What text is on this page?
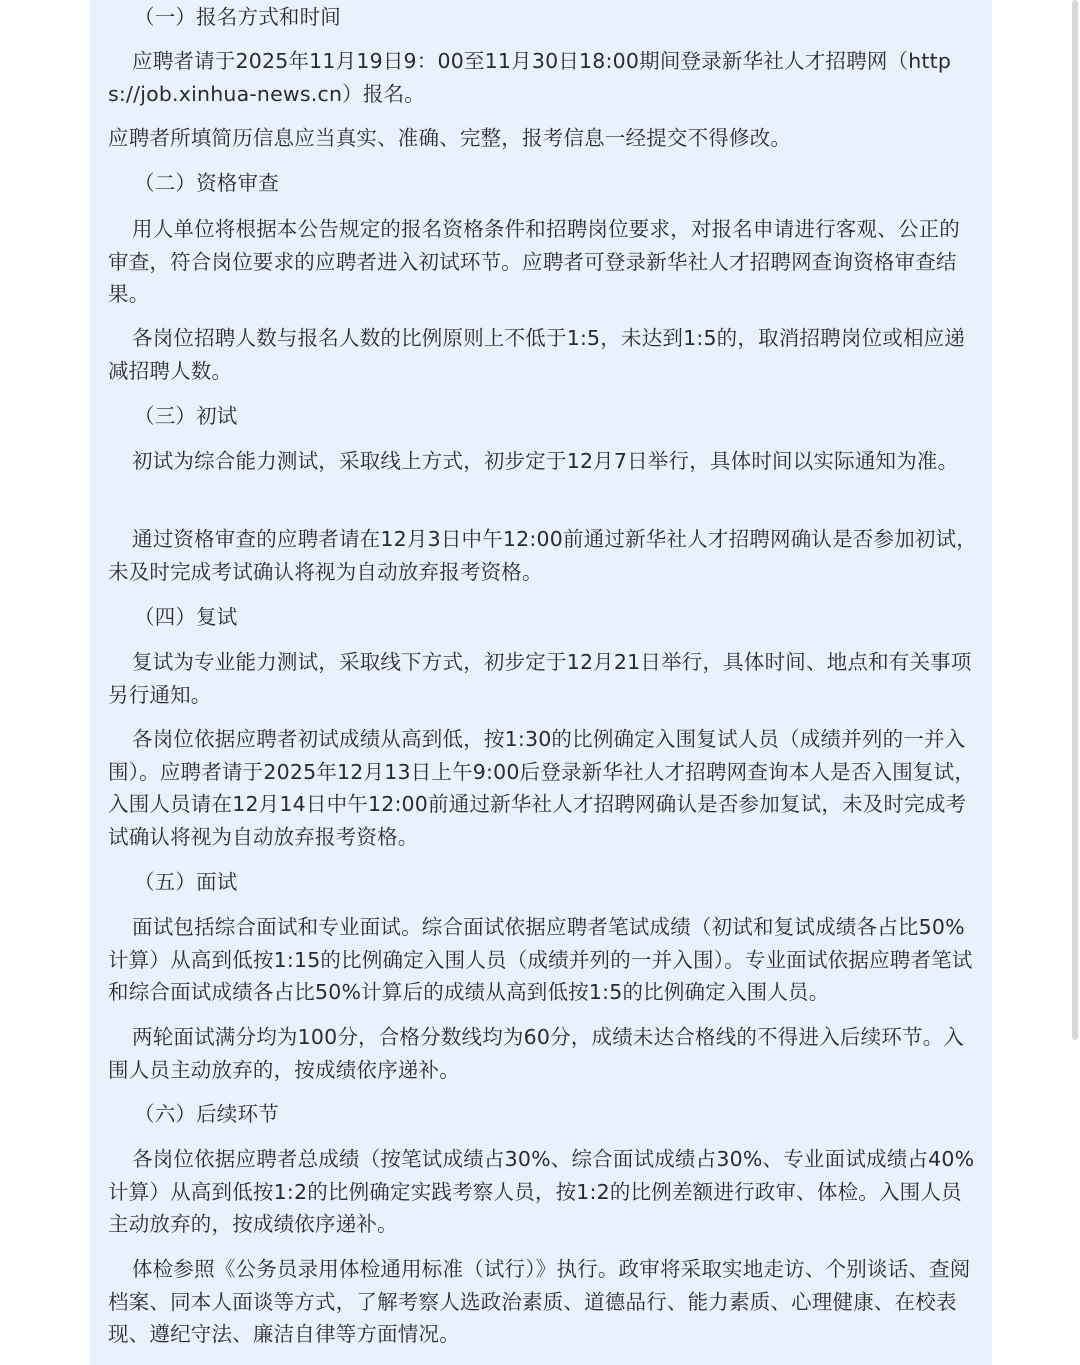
（一）报名方式和时间

应聘者请于2025年11月19日9：00至11月30日18:00期间登录新华社人才招聘网（https://job.xinhua-news.cn）报名。

应聘者所填简历信息应当真实、准确、完整，报考信息一经提交不得修改。

（二）资格审查

用人单位将根据本公告规定的报名资格条件和招聘岗位要求，对报名申请进行客观、公正的审查，符合岗位要求的应聘者进入初试环节。应聘者可登录新华社人才招聘网查询资格审查结果。

各岗位招聘人数与报名人数的比例原则上不低于1:5，未达到1:5的，取消招聘岗位或相应递减招聘人数。

（三）初试

初试为综合能力测试，采取线上方式，初步定于12月7日举行，具体时间以实际通知为准。

通过资格审查的应聘者请在12月3日中午12:00前通过新华社人才招聘网确认是否参加初试，未及时完成考试确认将视为自动放弃报考资格。

（四）复试

复试为专业能力测试，采取线下方式，初步定于12月21日举行，具体时间、地点和有关事项另行通知。

各岗位依据应聘者初试成绩从高到低，按1:30的比例确定入围复试人员（成绩并列的一并入围）。应聘者请于2025年12月13日上午9:00后登录新华社人才招聘网查询本人是否入围复试，入围人员请在12月14日中午12:00前通过新华社人才招聘网确认是否参加复试，未及时完成考试确认将视为自动放弃报考资格。

（五）面试

面试包括综合面试和专业面试。综合面试依据应聘者笔试成绩（初试和复试成绩各占比50%计算）从高到低按1:15的比例确定入围人员（成绩并列的一并入围）。专业面试依据应聘者笔试和综合面试成绩各占比50%计算后的成绩从高到低按1:5的比例确定入围人员。

两轮面试满分均为100分，合格分数线均为60分，成绩未达合格线的不得进入后续环节。入围人员主动放弃的，按成绩依序递补。

（六）后续环节

各岗位依据应聘者总成绩（按笔试成绩占30%、综合面试成绩占30%、专业面试成绩占40%计算）从高到低按1:2的比例确定实践考察人员，按1:2的比例差额进行政审、体检。入围人员主动放弃的，按成绩依序递补。

体检参照《公务员录用体检通用标准（试行）》执行。政审将采取实地走访、个别谈话、查阅档案、同本人面谈等方式，了解考察人选政治素质、道德品行、能力素质、心理健康、在校表现、遵纪守法、廉洁自律等方面情况。
